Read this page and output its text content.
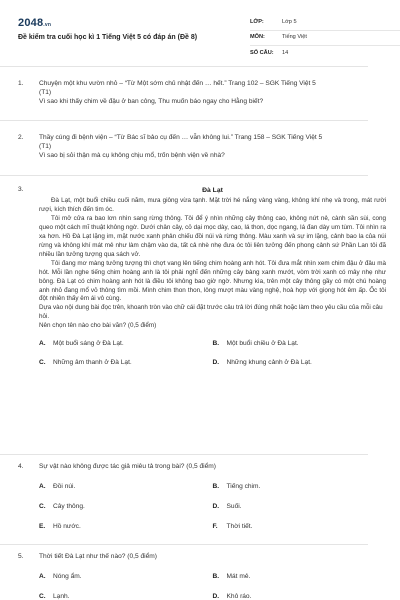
2048.vn
Đề kiểm tra cuối học kì 1 Tiếng Việt 5 có đáp án (Đề 8)
LỚP:	Lớp 5
MÔN:	Tiếng Việt
SỐ CÂU:	14
1. Chuyện một khu vườn nhỏ – “Từ Một sớm chủ nhật đến … hết.” Trang 102 – SGK Tiếng Việt 5
(T1)
Vì sao khi thấy chim về đậu ở ban công, Thu muốn báo ngay cho Hằng biết?
2. Thầy cúng đi bệnh viện – “Từ Bác sĩ bảo cụ đến … vẫn không lui.” Trang 158 – SGK Tiếng Việt 5
(T1)
Vì sao bị sỏi thận mà cụ không chịu mổ, trốn bệnh viện về nhà?
3.	Đà Lạt
Đà Lạt, một buổi chiều cuối năm, mưa giông vừa tạnh. Mặt trời hé nắng vàng vàng, không khí nhẹ và trong, mát rười rượi, kích thích đến tim óc.
Tôi mở cửa ra bao lơn nhìn sang rừng thông. Tôi để ý nhìn những cây thông cao, không nứt nẻ, cành sần sùi, cong queo một cách mĩ thuật không ngờ. Dưới chân cây, cỏ dại mọc dày, cao, lá thon, dọc ngang, lá đan dày um tùm. Tôi nhìn ra xa hơn. Hồ Đà Lạt lặng im, mặt nước xanh phản chiếu đồi núi và rừng thông. Màu xanh và sự im lặng, cảnh bao la của núi rừng và không khí mát mẻ như làm chậm vào da, tất cả nhè nhẹ đưa óc tôi liên tưởng đến phong cảnh sứ Phần Lan tôi đã nhiều lần tưởng tượng qua sách vở.
Tôi đang mơ màng tưởng tượng thì chợt vang lên tiếng chim hoàng anh hót. Tôi đưa mắt nhìn xem chim đậu ở đâu mà hót. Mỗi lần nghe tiếng chim hoàng anh là tôi phải nghĩ đến những cây bàng xanh mướt, vòm trời xanh có mây nhẹ như bông. Đà Lạt có chim hoàng anh hót là điều tôi không bao giờ ngờ. Nhưng kìa, trên một cây thông gầy có một chú hoàng anh nhỏ đang mổ vỏ thông tìm mồi. Mình chim thon thon, lông mượt màu vàng nghệ, hoà hợp với giọng hót êm ấp. Ốc tôi đột nhiên thấy êm ái vô cùng.
Dựa vào nội dung bài đọc trên, khoanh tròn vào chữ cái đặt trước câu trả lời đúng nhất hoặc làm theo yêu cầu của mỗi câu hỏi.
Nên chọn tên nào cho bài văn? (0,5 điểm)
A.	Một buổi sáng ở Đà Lạt.	B.	Một buổi chiều ở Đà Lạt.
C.	Những âm thanh ở Đà Lạt.	D.	Những khung cảnh ở Đà Lạt.
4. Sự vật nào không được tác giả miêu tả trong bài? (0,5 điểm)
A.	Đồi núi.	B.	Tiếng chim.
C.	Cây thông.	D.	Suối.
E.	Hồ nước.	F.	Thời tiết.
5. Thời tiết Đà Lạt như thế nào? (0,5 điểm)
A.	Nóng ẩm.	B.	Mát mẻ.
C.	Lạnh.	D.	Khô ráo.
